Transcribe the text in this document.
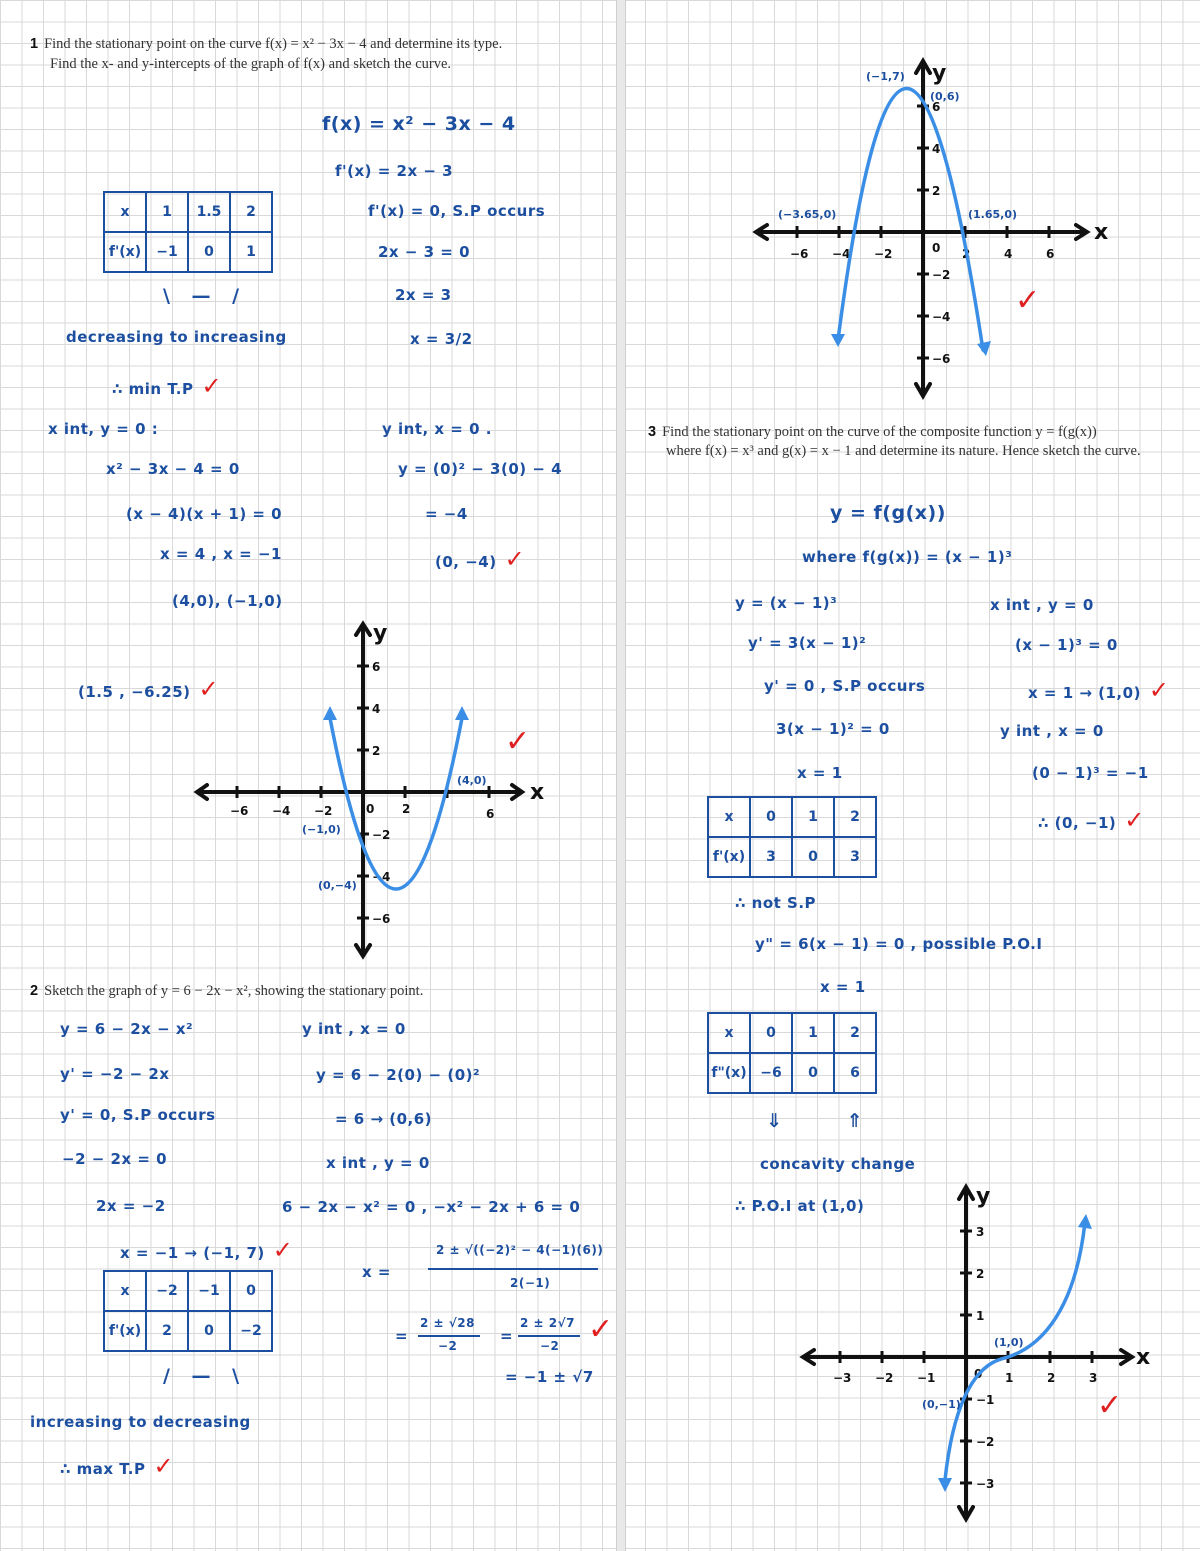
1 Find the stationary point on the curve f(x) = x² − 3x − 4 and determine its type.
Find the x- and y-intercepts of the graph of f(x) and sketch the curve.
f(x) = x² − 3x − 4
f'(x) = 2x − 3
f'(x) = 0, S.P occurs
2x − 3 = 0
2x = 3
x = 3/2
x	1	1.5	2
f'(x)	−1	0	1
\ — /
decreasing to increasing
∴ min T.P ✓
x int, y = 0 :
x² − 3x − 4 = 0
(x − 4)(x + 1) = 0
x = 4 , x = −1
(4,0), (−1,0)
y int, x = 0 .
y = (0)² − 3(0) − 4
= −4
(0, −4) ✓
(1.5 , −6.25) ✓
✓
x
y
−6 −4 −2	0 2	6
6
4
2
−2
−4
−6
(4,0)
(−1,0)
(0,−4)
2 Sketch the graph of y = 6 − 2x − x², showing the stationary point.
y = 6 − 2x − x²
y' = −2 − 2x
y' = 0, S.P occurs
−2 − 2x = 0
2x = −2
x = −1 → (−1, 7) ✓
x	−2	−1	0
f'(x)	2	0	−2
/ — \
increasing to decreasing
∴ max T.P ✓
y int , x = 0
y = 6 − 2(0) − (0)²
= 6 → (0,6)
x int , y = 0
6 − 2x − x² = 0 , −x² − 2x + 6 = 0
x =
2 ± √((−2)² − 4(−1)(6))
2(−1)
=
2 ± √28
−2
=
2 ± 2√7
−2 ✓
= −1 ± √7
x
y
−6 −4 −2	0 2	4	6
6
4
2
−2
−4
−6
(−1,7)
(0,6)
(−3.65,0)	(1.65,0)
✓
3 Find the stationary point on the curve of the composite function y = f(g(x))
where f(x) = x³ and g(x) = x − 1 and determine its nature. Hence sketch the curve.
y = f(g(x))
where f(g(x)) = (x − 1)³
y = (x − 1)³
y' = 3(x − 1)²
y' = 0 , S.P occurs
3(x − 1)² = 0
x = 1
x	0	1	2
f'(x)	3	0	3
∴ not S.P
y" = 6(x − 1) = 0 , possible P.O.I
x = 1
x	0	1	2
f"(x)	−6	0	6
⇓         ⇑
concavity change
∴ P.O.I at (1,0)
x int , y = 0
(x − 1)³ = 0
x = 1 → (1,0) ✓
y int , x = 0
(0 − 1)³ = −1
∴ (0, −1) ✓
x
y
−3 −2 −1	0 1	2	3
3
2
1
−1
−2
−3
(1,0)
(0,−1)	✓
